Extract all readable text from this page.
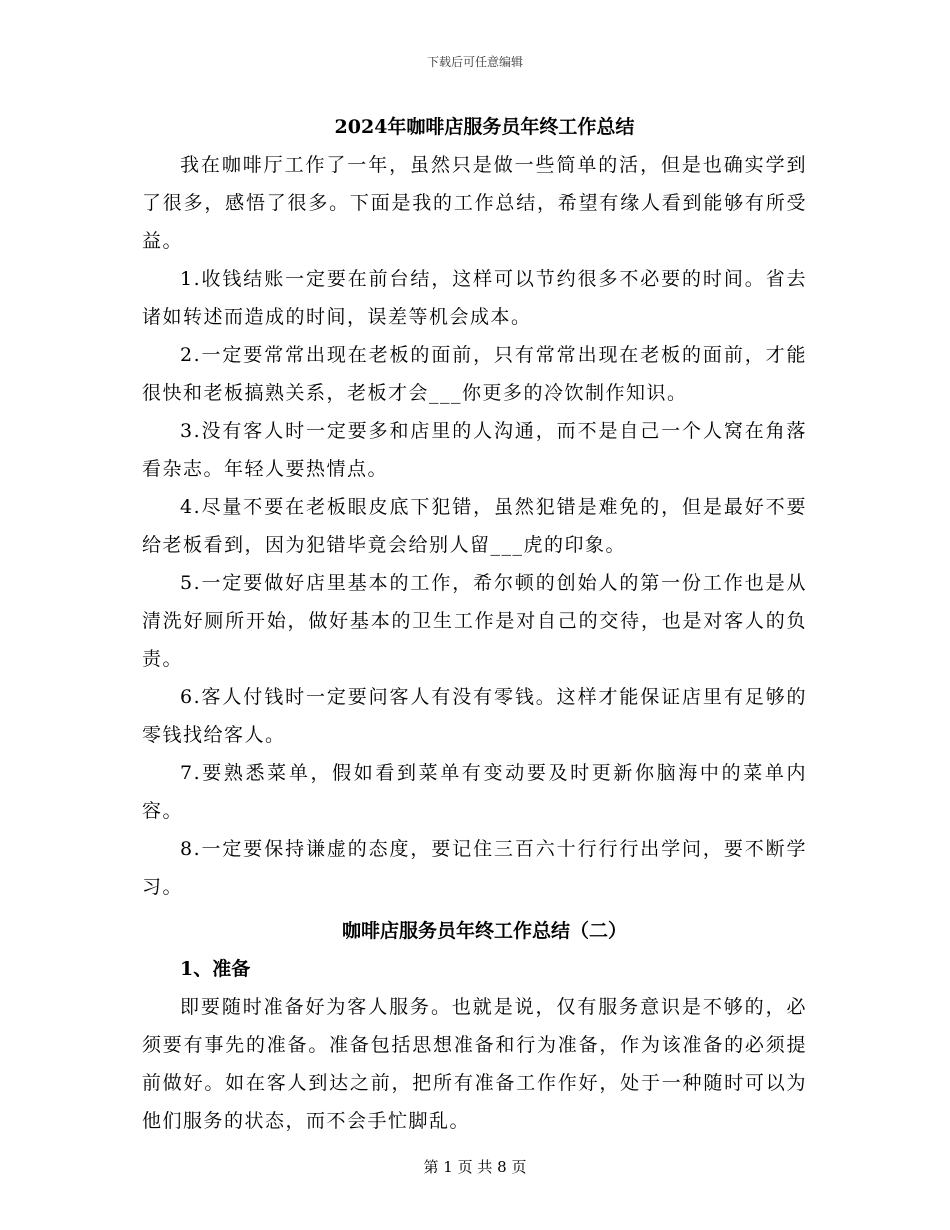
下载后可任意编辑
2024年咖啡店服务员年终工作总结

我在咖啡厅工作了一年，虽然只是做一些简单的活，但是也确实学到了很多，感悟了很多。下面是我的工作总结，希望有缘人看到能够有所受益。

1.收钱结账一定要在前台结，这样可以节约很多不必要的时间。省去诸如转述而造成的时间，误差等机会成本。

2.一定要常常出现在老板的面前，只有常常出现在老板的面前，才能很快和老板搞熟关系，老板才会___你更多的冷饮制作知识。

3.没有客人时一定要多和店里的人沟通，而不是自己一个人窝在角落看杂志。年轻人要热情点。

4.尽量不要在老板眼皮底下犯错，虽然犯错是难免的，但是最好不要给老板看到，因为犯错毕竟会给别人留___虎的印象。

5.一定要做好店里基本的工作，希尔顿的创始人的第一份工作也是从清洗好厕所开始，做好基本的卫生工作是对自己的交待，也是对客人的负责。

6.客人付钱时一定要问客人有没有零钱。这样才能保证店里有足够的零钱找给客人。

7.要熟悉菜单，假如看到菜单有变动要及时更新你脑海中的菜单内容。

8.一定要保持谦虚的态度，要记住三百六十行行行出学问，要不断学习。

咖啡店服务员年终工作总结（二）
1、准备

即要随时准备好为客人服务。也就是说，仅有服务意识是不够的，必须要有事先的准备。准备包括思想准备和行为准备，作为该准备的必须提前做好。如在客人到达之前，把所有准备工作作好，处于一种随时可以为他们服务的状态，而不会手忙脚乱。

第 1 页 共 8 页
